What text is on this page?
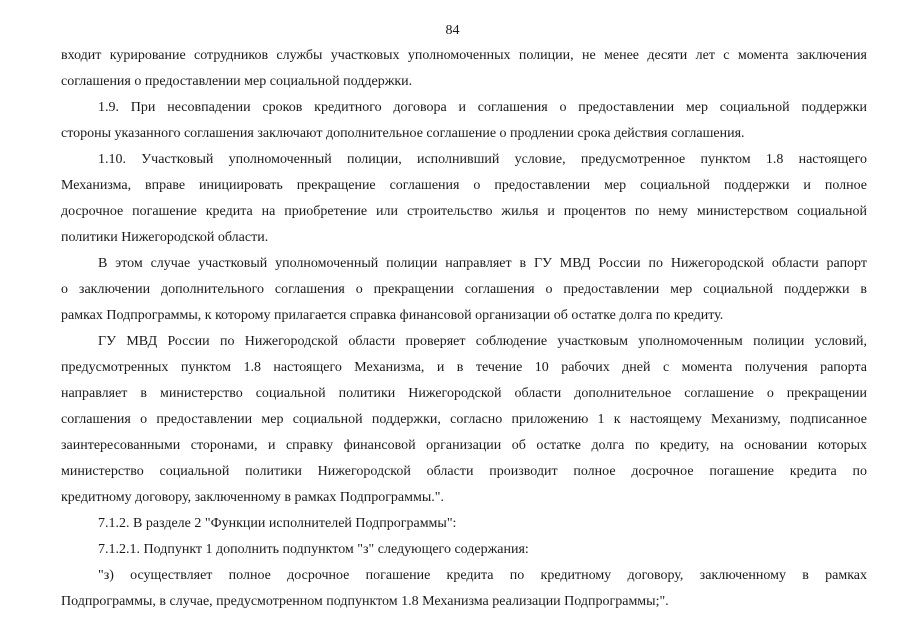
84

входит курирование сотрудников службы участковых уполномоченных полиции, не менее десяти лет с момента заключения
соглашения о предоставлении мер социальной поддержки.

1.9. При несовпадении сроков кредитного договора и соглашения о предоставлении мер социальной поддержки
стороны указанного соглашения заключают дополнительное соглашение о продлении срока действия соглашения.

1.10. Участковый уполномоченный полиции, исполнивший условие, предусмотренное пунктом 1.8 настоящего
Механизма, вправе инициировать прекращение соглашения о предоставлении мер социальной поддержки и полное
досрочное погашение кредита на приобретение или строительство жилья и процентов по нему министерством социальной
политики Нижегородской области.

В этом случае участковый уполномоченный полиции направляет в ГУ МВД России по Нижегородской области рапорт
о заключении дополнительного соглашения о прекращении соглашения о предоставлении мер социальной поддержки в
рамках Подпрограммы, к которому прилагается справка финансовой организации об остатке долга по кредиту.

ГУ МВД России по Нижегородской области проверяет соблюдение участковым уполномоченным полиции условий,
предусмотренных пунктом 1.8 настоящего Механизма, и в течение 10 рабочих дней с момента получения рапорта
направляет в министерство социальной политики Нижегородской области дополнительное соглашение о прекращении
соглашения о предоставлении мер социальной поддержки, согласно приложению 1 к настоящему Механизму, подписанное
заинтересованными сторонами, и справку финансовой организации об остатке долга по кредиту, на основании которых
министерство социальной политики Нижегородской области производит полное досрочное погашение кредита по
кредитному договору, заключенному в рамках Подпрограммы.".

7.1.2. В разделе 2 "Функции исполнителей Подпрограммы":

7.1.2.1. Подпункт 1 дополнить подпунктом "з" следующего содержания:

"з) осуществляет полное досрочное погашение кредита по кредитному договору, заключенному в рамках
Подпрограммы, в случае, предусмотренном подпунктом 1.8 Механизма реализации Подпрограммы;".
